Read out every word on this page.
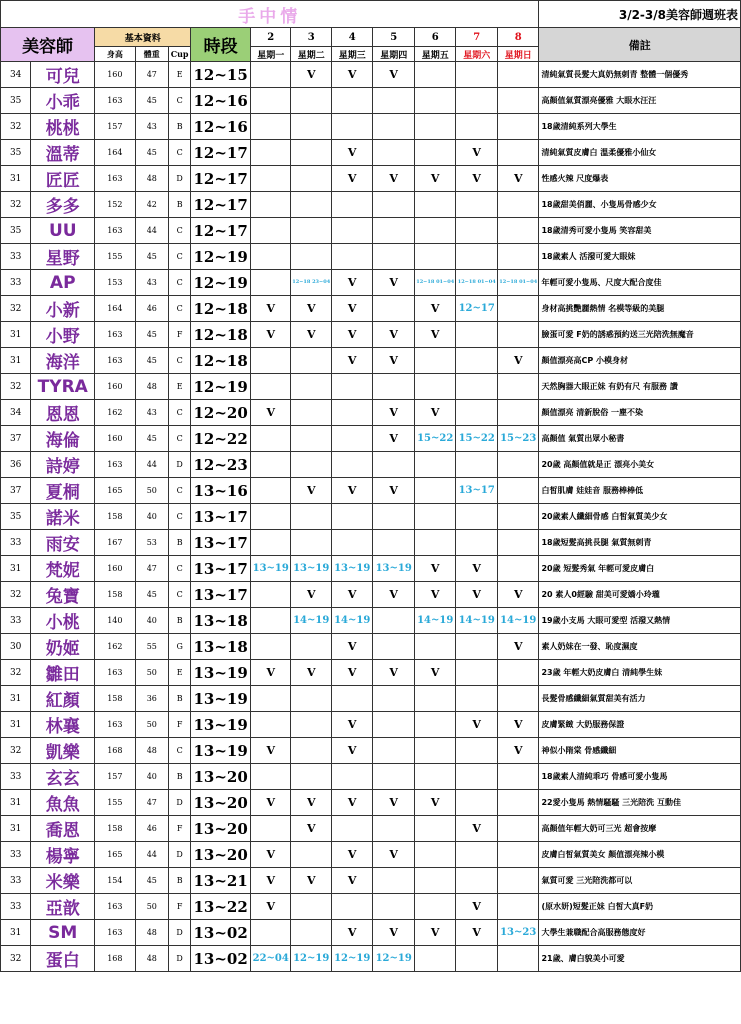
手中情													3/2-3/8美容師週班表
美容師		基本資料			時段	2	3	4	5	6	7	8	備註
		身高	體重	Cup		星期一	星期二	星期三	星期四	星期五	星期六	星期日	
34	可兒	160	47	E	12~15		V	V	V				清純氣質長髮大真奶無刺青 整體一個優秀
35	小乖	163	45	C	12~16								高顏值氣質漂亮優雅 大眼水汪汪
32	桃桃	157	43	B	12~16								18歲清純系列大學生
35	溫蒂	164	45	C	12~17			V			V		清純氣質皮膚白 溫柔優雅小仙女
31	匠匠	163	48	D	12~17			V	V	V	V	V	性感火辣 尺度爆表
32	多多	152	42	B	12~17								18歲甜美俏麗、小隻馬骨感少女
35	UU	163	44	C	12~17								18歲清秀可愛小隻馬 笑容甜美
33	星野	155	45	C	12~19								18歲素人 活潑可愛大眼妹
33	AP	153	43	C	12~19		12~18 23~04	V	V	12~18 01~04	12~18 01~04	12~18 01~04	年輕可愛小隻馬、尺度大配合度佳
32	小新	164	46	C	12~18	V	V	V		V	12~17		身材高挑艷麗熱情 名模等級的美腿
31	小野	163	45	F	12~18	V	V	V	V	V			臉蛋可愛 F奶的誘惑預約送三光陪洗無魔音
31	海洋	163	45	C	12~18			V	V			V	顏值漂亮高CP 小模身材
32	TYRA	160	48	E	12~19								天然胸器大眼正妹 有奶有尺 有服務 讚
34	恩恩	162	43	C	12~20	V			V	V			顏值漂亮 清新脫俗 一塵不染
37	海倫	160	45	C	12~22				V	15~22	15~22	15~23	高顏值 氣質出眾小秘書
36	詩婷	163	44	D	12~23								20歲 高顏值就是正 漂亮小美女
37	夏桐	165	50	C	13~16		V	V	V		13~17		白皙肌膚 娃娃音 服務棒棒低
35	諾米	158	40	C	13~17								20歲素人纖細骨感 白皙氣質美少女
33	雨安	167	53	B	13~17								18歲短髮高挑長腿 氣質無刺青
31	梵妮	160	47	C	13~17	13~19	13~19	13~19	13~19	V	V		20歲 短髮秀氣 年輕可愛皮膚白
32	兔寶	158	45	C	13~17		V	V	V	V	V	V	20 素人0經驗 甜美可愛嬌小玲瓏
33	小桃	140	40	B	13~18		14~19	14~19		14~19	14~19	14~19	19歲小支馬 大眼可愛型 活潑又熱情
30	奶姬	162	55	G	13~18			V				V	素人奶妹在一發、恥度濕度
32	雛田	163	50	E	13~19	V	V	V	V	V			23歲 年輕大奶皮膚白 清純學生妹
31	紅顏	158	36	B	13~19								長髮骨感纖細氣質甜美有活力
31	林襄	163	50	F	13~19			V			V	V	皮膚緊緻 大奶服務保證
32	凱樂	168	48	C	13~19	V		V				V	神似小隋棠 骨感纖細
33	玄玄	157	40	B	13~20								18歲素人清純乖巧 骨感可愛小隻馬
31	魚魚	155	47	D	13~20	V	V	V	V	V			22愛小隻馬 熱情騷騷 三光陪洗 互動佳
31	喬恩	158	46	F	13~20		V				V		高顏值年輕大奶可三光 超會按摩
33	楊寧	165	44	D	13~20	V		V	V				皮膚白皙氣質美女 顏值漂亮辣小模
33	米樂	154	45	B	13~21	V	V	V					氣質可愛 三光陪洗都可以
33	亞歆	163	50	F	13~22	V					V		(原水妍)短髮正妹 白皙大真F奶
31	SM	163	48	D	13~02			V	V	V	V	13~23	大學生兼職配合高服務態度好
32	蛋白	168	48	D	13~02	22~04	12~19	12~19	12~19				21歲、膚白貌美小可愛
